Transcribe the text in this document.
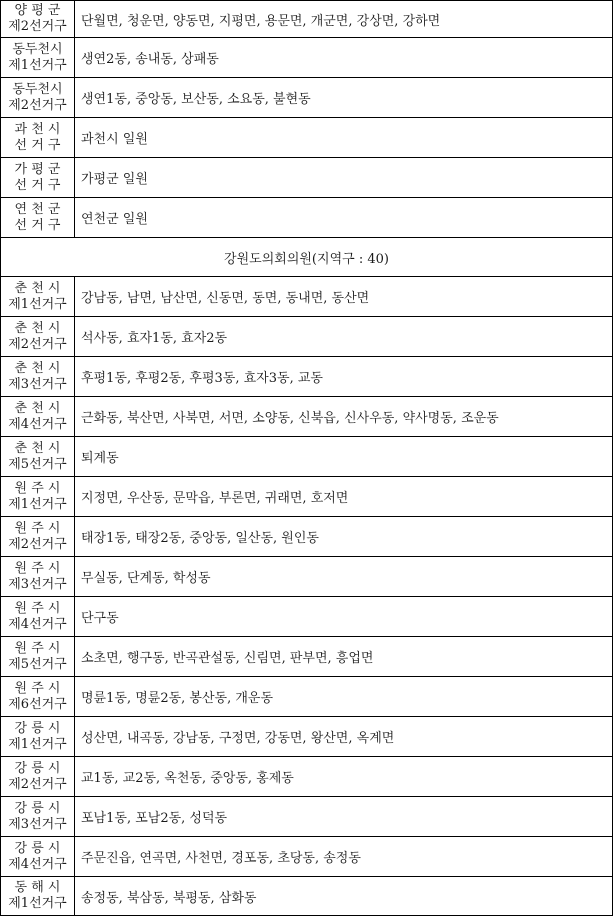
양 평 군
제2선거구	단월면, 청운면, 양동면, 지평면, 용문면, 개군면, 강상면, 강하면

동두천시
제1선거구	생연2동, 송내동, 상패동

동두천시
제2선거구	생연1동, 중앙동, 보산동, 소요동, 불현동

과 천 시
선 거 구	과천시 일원

가 평 군
선 거 구	가평군 일원

연 천 군
선 거 구	연천군 일원
강원도의회의원(지역구 : 40)	

춘 천 시
제1선거구	강남동, 남면, 남산면, 신동면, 동면, 동내면, 동산면

춘 천 시
제2선거구	석사동, 효자1동, 효자2동

춘 천 시
제3선거구	후평1동, 후평2동, 후평3동, 효자3동, 교동

춘 천 시
제4선거구	근화동, 북산면, 사북면, 서면, 소양동, 신북읍, 신사우동, 약사명동, 조운동

춘 천 시
제5선거구	퇴계동

원 주 시
제1선거구	지정면, 우산동, 문막읍, 부론면, 귀래면, 호저면

원 주 시
제2선거구	태장1동, 태장2동, 중앙동, 일산동, 원인동

원 주 시
제3선거구	무실동, 단계동, 학성동

원 주 시
제4선거구	단구동

원 주 시
제5선거구	소초면, 행구동, 반곡관설동, 신림면, 판부면, 흥업면

원 주 시
제6선거구	명륜1동, 명륜2동, 봉산동, 개운동

강 릉 시
제1선거구	성산면, 내곡동, 강남동, 구정면, 강동면, 왕산면, 옥계면

강 릉 시
제2선거구	교1동, 교2동, 옥천동, 중앙동, 홍제동

강 릉 시
제3선거구	포남1동, 포남2동, 성덕동

강 릉 시
제4선거구	주문진읍, 연곡면, 사천면, 경포동, 초당동, 송정동

동 해 시
제1선거구	송정동, 북삼동, 북평동, 삼화동
